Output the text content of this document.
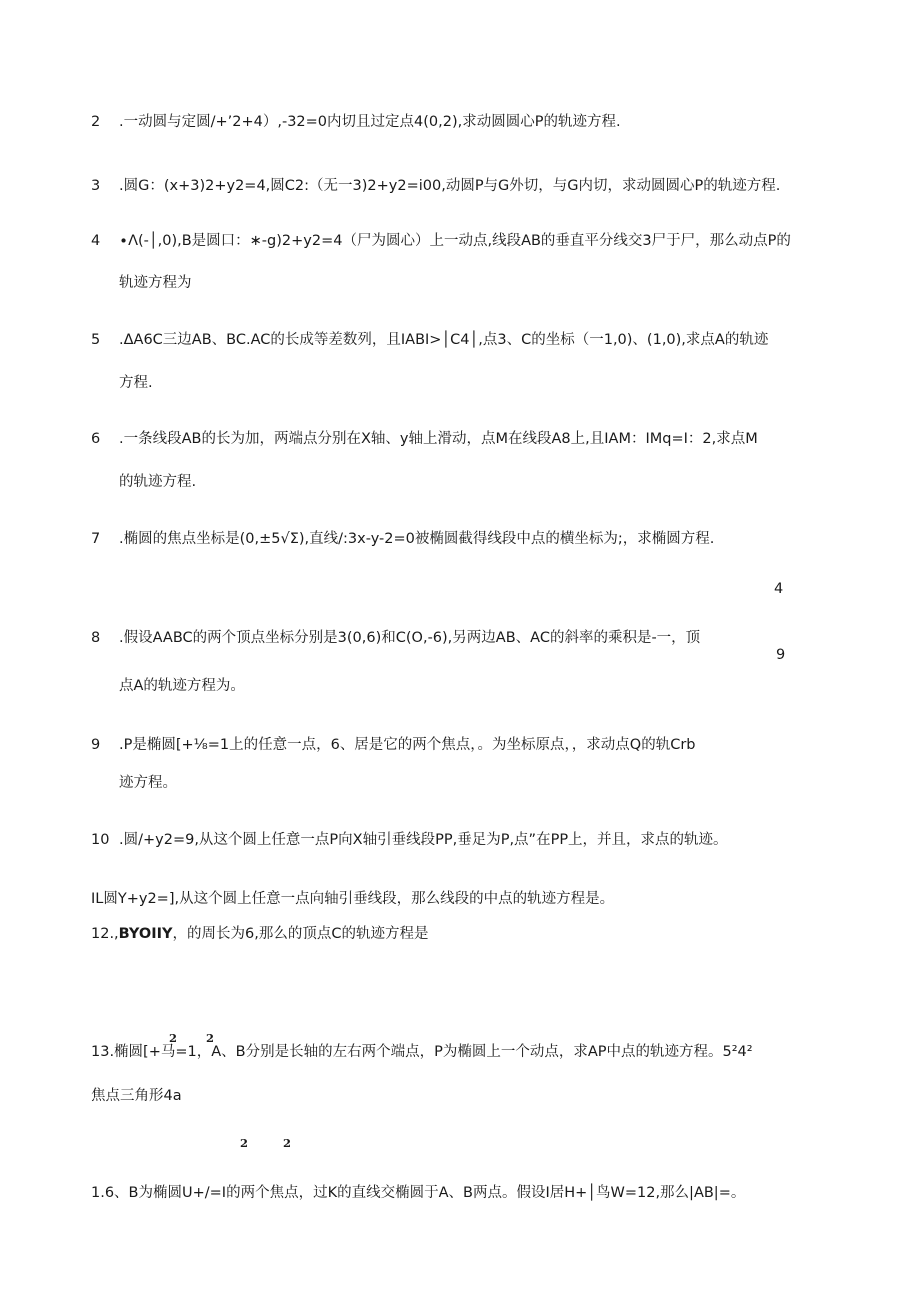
2 .一动圆与定圆/+’2+4）,-32=0内切且过定点4(0,2),求动圆圆心P的轨迹方程.
3 .圆G：(x+3)2+y2=4,圆C2:（无一3)2+y2=i00,动圆P与G外切，与G内切，求动圆圆心P的轨迹方程.
4 ∙Λ(-│,0),B是圆口：∗-g)2+y2=4（尸为圆心）上一动点,线段AB的垂直平分线交3尸于尸，那么动点P的
轨迹方程为
5 .ΔA6C三边AB、BC.AC的长成等差数列，且IABI>│C4│,点3、C的坐标（一1,0)、(1,0),求点A的轨迹
方程.
6 .一条线段AB的长为加，两端点分别在X轴、y轴上滑动，点M在线段A8上,且IAM：IMq=I：2,求点M
的轨迹方程.
7 .椭圆的焦点坐标是(0,±5√Σ),直线/:3x-y-2=0被椭圆截得线段中点的横坐标为;，求椭圆方程.
4
8 .假设AABC的两个顶点坐标分别是3(0,6)和C(O,-6),另两边AB、AC的斜率的乘积是-一，顶
9
点A的轨迹方程为。
9 .P是椭圆[+⅛=1上的任意一点，6、居是它的两个焦点，。为坐标原点，，求动点Q的轨Crb
迹方程。
10 .圆/+y2=9,从这个圆上任意一点P向X轴引垂线段PP,垂足为P,点”在PP上，并且，求点的轨迹。
IL圆Y+y2=],从这个圆上任意一点向轴引垂线段，那么线段的中点的轨迹方程是。
12.,BYOIIY，的周长为6,那么的顶点C的轨迹方程是
2	2
13.椭圆[+马=1，A、B分别是长轴的左右两个端点，P为椭圆上一个动点，求AP中点的轨迹方程。5²4²
焦点三角形4a
2	2
1.6、B为椭圆U+∕=I的两个焦点，过K的直线交椭圆于A、B两点。假设I居H+│鸟W=12,那么|AB|=。
